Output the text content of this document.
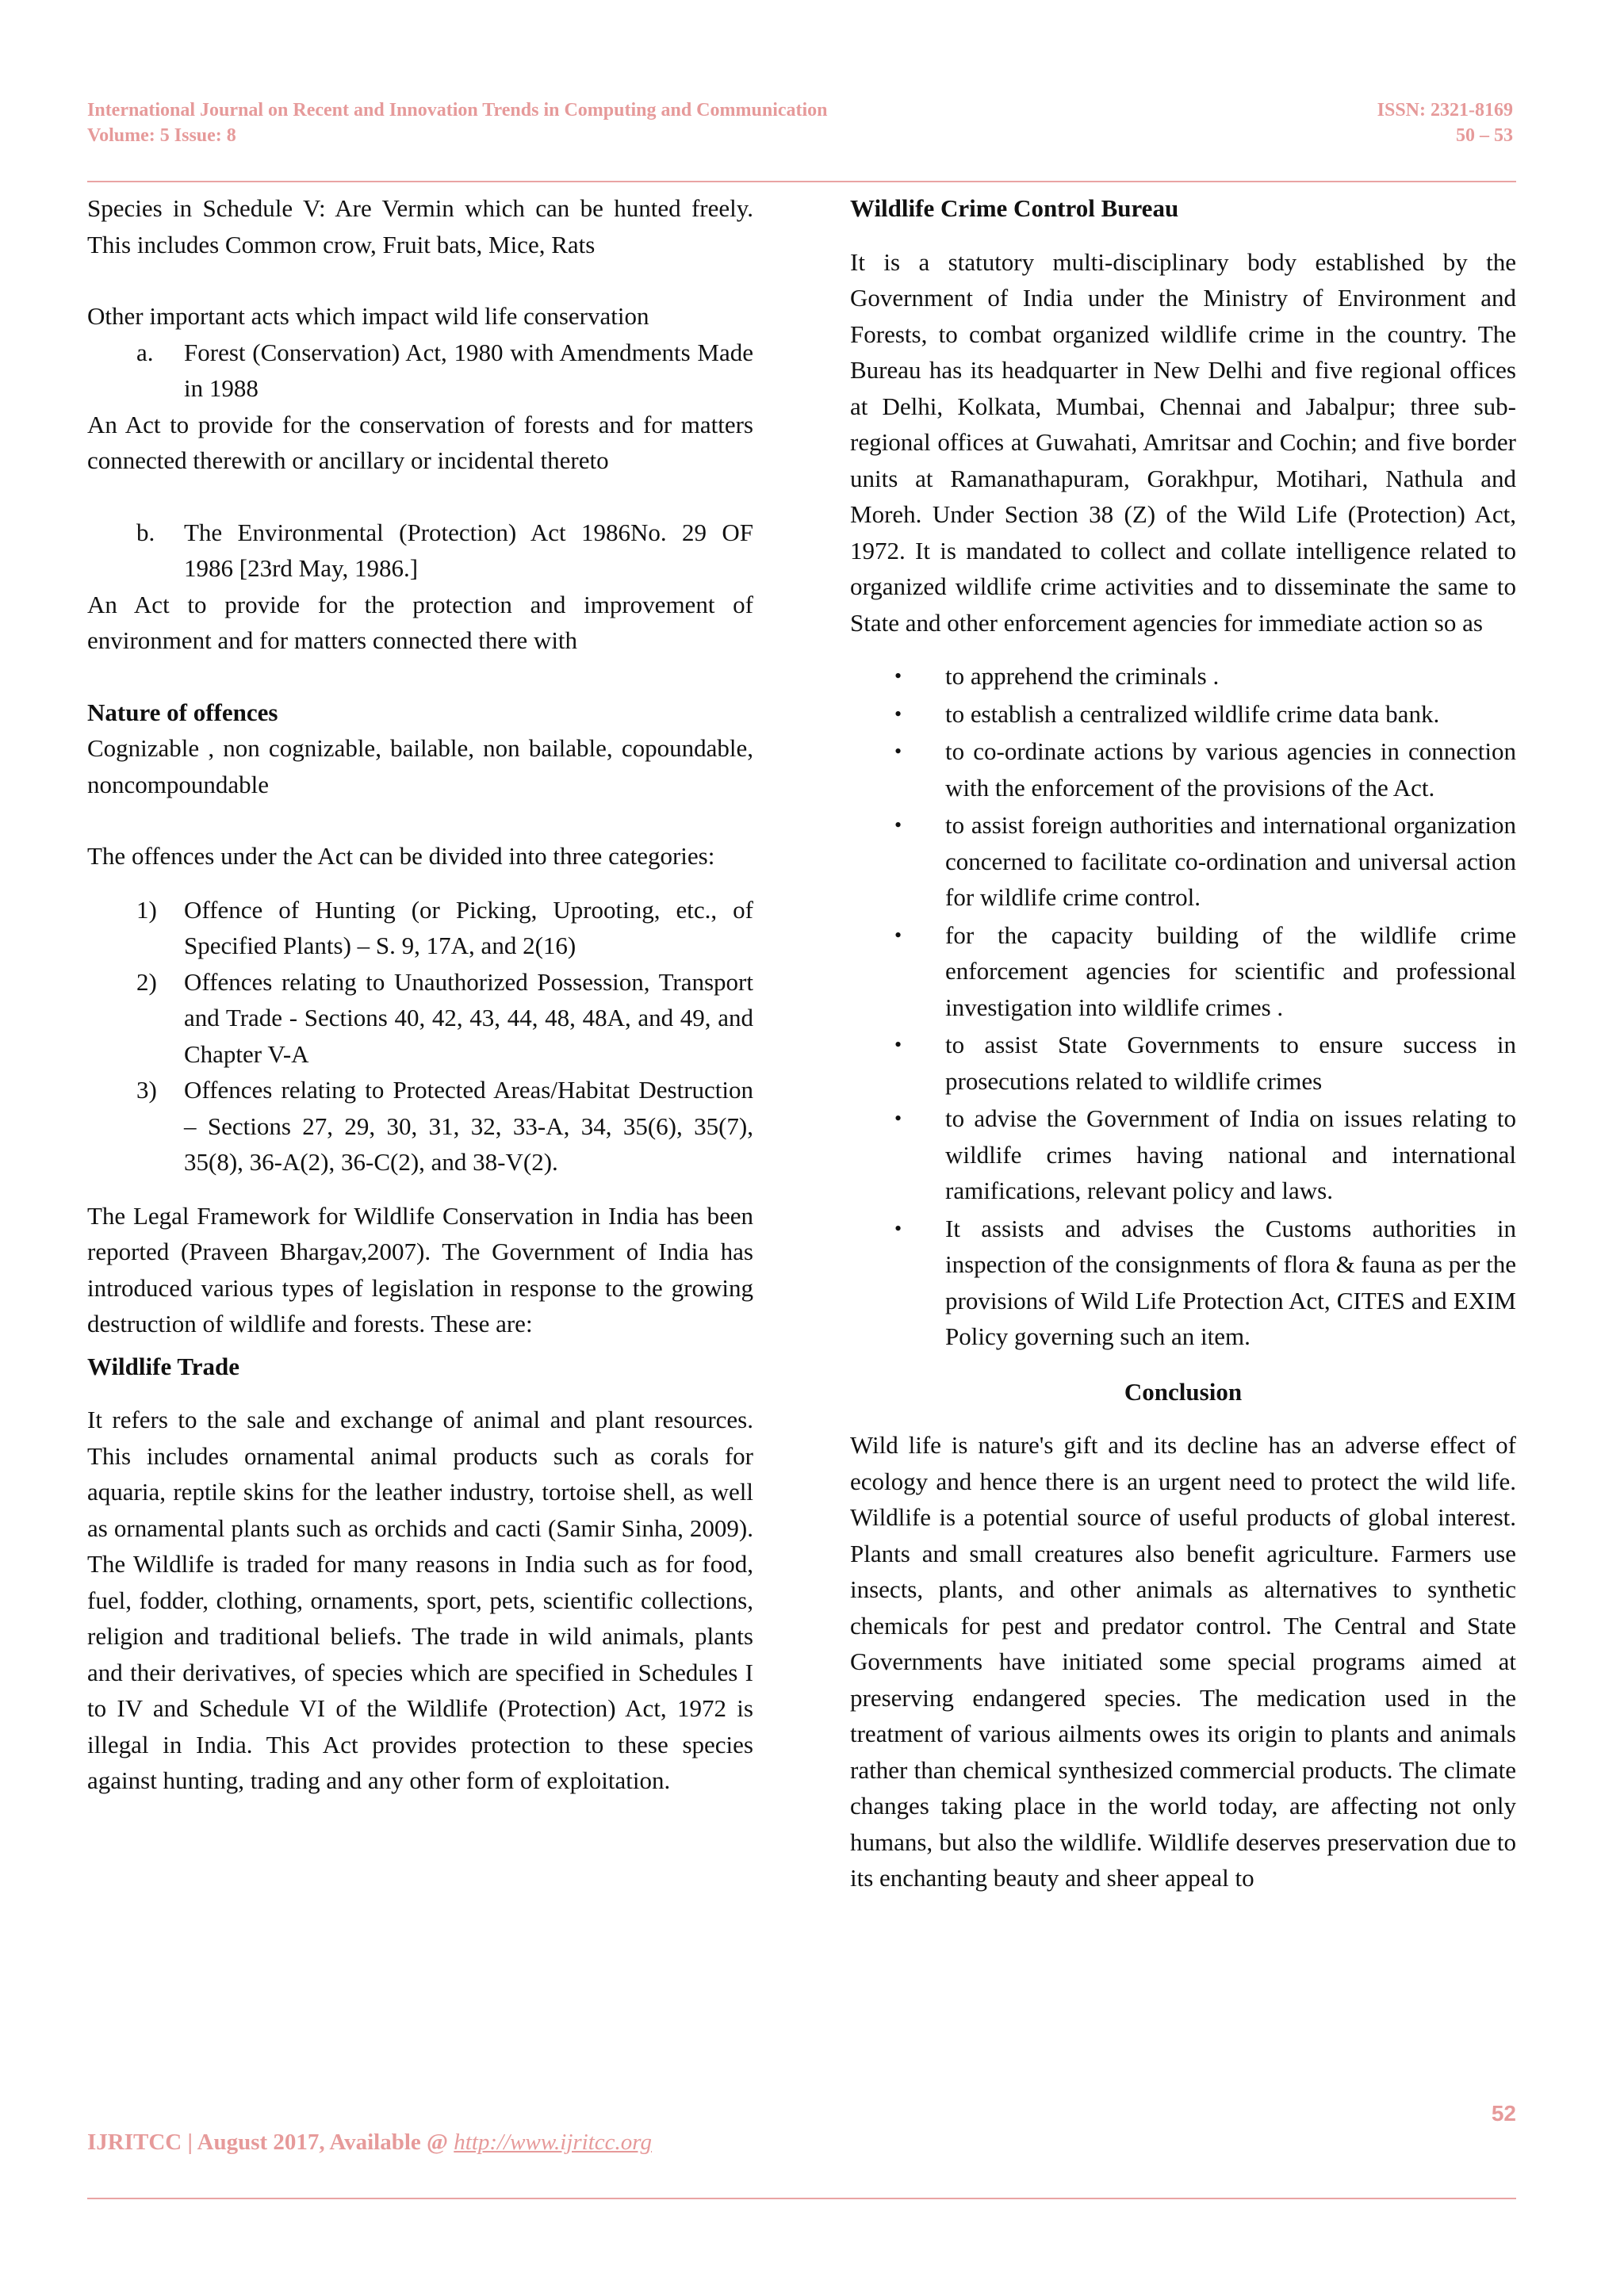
International Journal on Recent and Innovation Trends in Computing and Communication
Volume: 5 Issue: 8
ISSN: 2321-8169
50 – 53

Species in Schedule V: Are Vermin which can be hunted freely. This includes Common crow, Fruit bats, Mice, Rats

Other important acts which impact wild life conservation

a.	Forest (Conservation) Act, 1980 with Amendments Made in 1988

An Act to provide for the conservation of forests and for matters connected therewith or ancillary or incidental thereto

b.	The Environmental (Protection) Act 1986No. 29 OF 1986 [23rd May, 1986.]

An Act to provide for the protection and improvement of environment and for matters connected there with

Nature of offences

Cognizable , non cognizable, bailable, non bailable, copoundable, noncompoundable

The offences under the Act can be divided into three categories:

1)	Offence of Hunting (or Picking, Uprooting, etc., of Specified Plants) – S. 9, 17A, and 2(16)
2)	Offences relating to Unauthorized Possession, Transport and Trade - Sections 40, 42, 43, 44, 48, 48A, and 49, and Chapter V-A
3)	Offences relating to Protected Areas/Habitat Destruction – Sections 27, 29, 30, 31, 32, 33-A, 34, 35(6), 35(7), 35(8), 36-A(2), 36-C(2), and 38-V(2).

The Legal Framework for Wildlife Conservation in India has been reported (Praveen Bhargav,2007). The Government of India has introduced various types of legislation in response to the growing destruction of wildlife and forests. These are:

Wildlife Trade

It refers to the sale and exchange of animal and plant resources. This includes ornamental animal products such as corals for aquaria, reptile skins for the leather industry, tortoise shell, as well as ornamental plants such as orchids and cacti (Samir Sinha, 2009). The Wildlife is traded for many reasons in India such as for food, fuel, fodder, clothing, ornaments, sport, pets, scientific collections, religion and traditional beliefs. The trade in wild animals, plants and their derivatives, of species which are specified in Schedules I to IV and Schedule VI of the Wildlife (Protection) Act, 1972 is illegal in India. This Act provides protection to these species against hunting, trading and any other form of exploitation.

Wildlife Crime Control Bureau

It is a statutory multi-disciplinary body established by the Government of India under the Ministry of Environment and Forests, to combat organized wildlife crime in the country. The Bureau has its headquarter in New Delhi and five regional offices at Delhi, Kolkata, Mumbai, Chennai and Jabalpur; three sub-regional offices at Guwahati, Amritsar and Cochin; and five border units at Ramanathapuram, Gorakhpur, Motihari, Nathula and Moreh. Under Section 38 (Z) of the Wild Life (Protection) Act, 1972. It is mandated to collect and collate intelligence related to organized wildlife crime activities and to disseminate the same to State and other enforcement agencies for immediate action so as

•	to apprehend the criminals .
•	to establish a centralized wildlife crime data bank.
•	to co-ordinate actions by various agencies in connection with the enforcement of the provisions of the Act.
•	to assist foreign authorities and international organization concerned to facilitate co-ordination and universal action for wildlife crime control.
•	for the capacity building of the wildlife crime enforcement agencies for scientific and professional investigation into wildlife crimes .
•	to assist State Governments to ensure success in prosecutions related to wildlife crimes
•	to advise the Government of India on issues relating to wildlife crimes having national and international ramifications, relevant policy and laws.
•	It assists and advises the Customs authorities in inspection of the consignments of flora & fauna as per the provisions of Wild Life Protection Act, CITES and EXIM Policy governing such an item.

Conclusion

Wild life is nature's gift and its decline has an adverse effect of ecology and hence there is an urgent need to protect the wild life. Wildlife is a potential source of useful products of global interest. Plants and small creatures also benefit agriculture. Farmers use insects, plants, and other animals as alternatives to synthetic chemicals for pest and predator control. The Central and State Governments have initiated some special programs aimed at preserving endangered species. The medication used in the treatment of various ailments owes its origin to plants and animals rather than chemical synthesized commercial products. The climate changes taking place in the world today, are affecting not only humans, but also the wildlife. Wildlife deserves preservation due to its enchanting beauty and sheer appeal to

52
IJRITCC | August 2017, Available @ http://www.ijritcc.org
